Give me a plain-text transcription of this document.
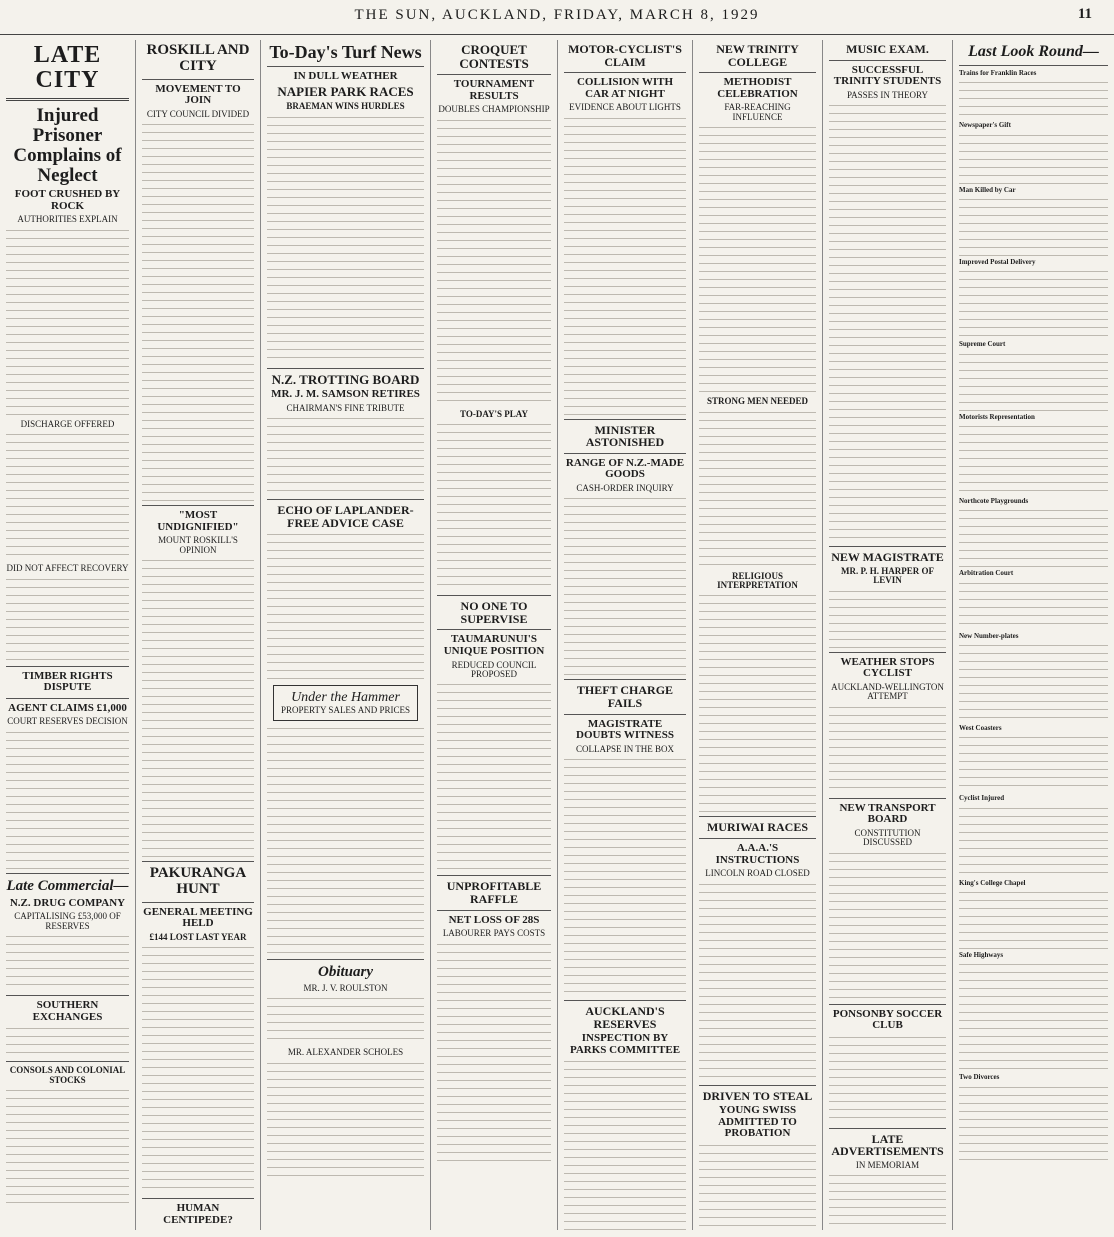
THE SUN, AUCKLAND, FRIDAY, MARCH 8, 1929	11
LATE CITY
Injured Prisoner Complains of Neglect
FOOT CRUSHED BY ROCK
AUTHORITIES EXPLAIN
DISCHARGE OFFERED
DID NOT AFFECT RECOVERY
TIMBER RIGHTS DISPUTE
AGENT CLAIMS £1,000
COURT RESERVES DECISION
Late Commercial—
N.Z. DRUG COMPANY
CAPITALISING £53,000 OF RESERVES
SOUTHERN EXCHANGES
CONSOLS AND COLONIAL STOCKS
ROSKILL AND CITY
MOVEMENT TO JOIN
CITY COUNCIL DIVIDED
"MOST UNDIGNIFIED"
MOUNT ROSKILL'S OPINION
PAKURANGA HUNT
GENERAL MEETING HELD
£144 LOST LAST YEAR
HUMAN CENTIPEDE?
To-Day's Turf News
IN DULL WEATHER
NAPIER PARK RACES
BRAEMAN WINS HURDLES
N.Z. TROTTING BOARD
MR. J. M. SAMSON RETIRES
CHAIRMAN'S FINE TRIBUTE
ECHO OF LAPLANDER-FREE ADVICE CASE
Under the Hammer
PROPERTY SALES AND PRICES
Obituary
MR. J. V. ROULSTON
MR. ALEXANDER SCHOLES
CROQUET CONTESTS
TOURNAMENT RESULTS
DOUBLES CHAMPIONSHIP
TO-DAY'S PLAY
NO ONE TO SUPERVISE
TAUMARUNUI'S UNIQUE POSITION
REDUCED COUNCIL PROPOSED
UNPROFITABLE RAFFLE
NET LOSS OF 28S
LABOURER PAYS COSTS
MOTOR-CYCLIST'S CLAIM
COLLISION WITH CAR AT NIGHT
EVIDENCE ABOUT LIGHTS
MINISTER ASTONISHED
RANGE OF N.Z.-MADE GOODS
CASH-ORDER INQUIRY
THEFT CHARGE FAILS
MAGISTRATE DOUBTS WITNESS
COLLAPSE IN THE BOX
AUCKLAND'S RESERVES
INSPECTION BY PARKS COMMITTEE
NEW TRINITY COLLEGE
METHODIST CELEBRATION
FAR-REACHING INFLUENCE
STRONG MEN NEEDED
RELIGIOUS INTERPRETATION
MURIWAI RACES
A.A.A.'S INSTRUCTIONS
LINCOLN ROAD CLOSED
DRIVEN TO STEAL
YOUNG SWISS ADMITTED TO PROBATION
MUSIC EXAM.
SUCCESSFUL TRINITY STUDENTS
PASSES IN THEORY
NEW MAGISTRATE
MR. P. H. HARPER OF LEVIN
WEATHER STOPS CYCLIST
AUCKLAND-WELLINGTON ATTEMPT
NEW TRANSPORT BOARD
CONSTITUTION DISCUSSED
PONSONBY SOCCER CLUB
LATE ADVERTISEMENTS
IN MEMORIAM
Last Look Round—
Trains for Franklin Races
Newspaper's Gift
Man Killed by Car
Improved Postal Delivery
Supreme Court
Motorists Representation
Northcote Playgrounds
Arbitration Court
New Number-plates
West Coasters
Cyclist Injured
King's College Chapel
Safe Highways
Two Divorces
